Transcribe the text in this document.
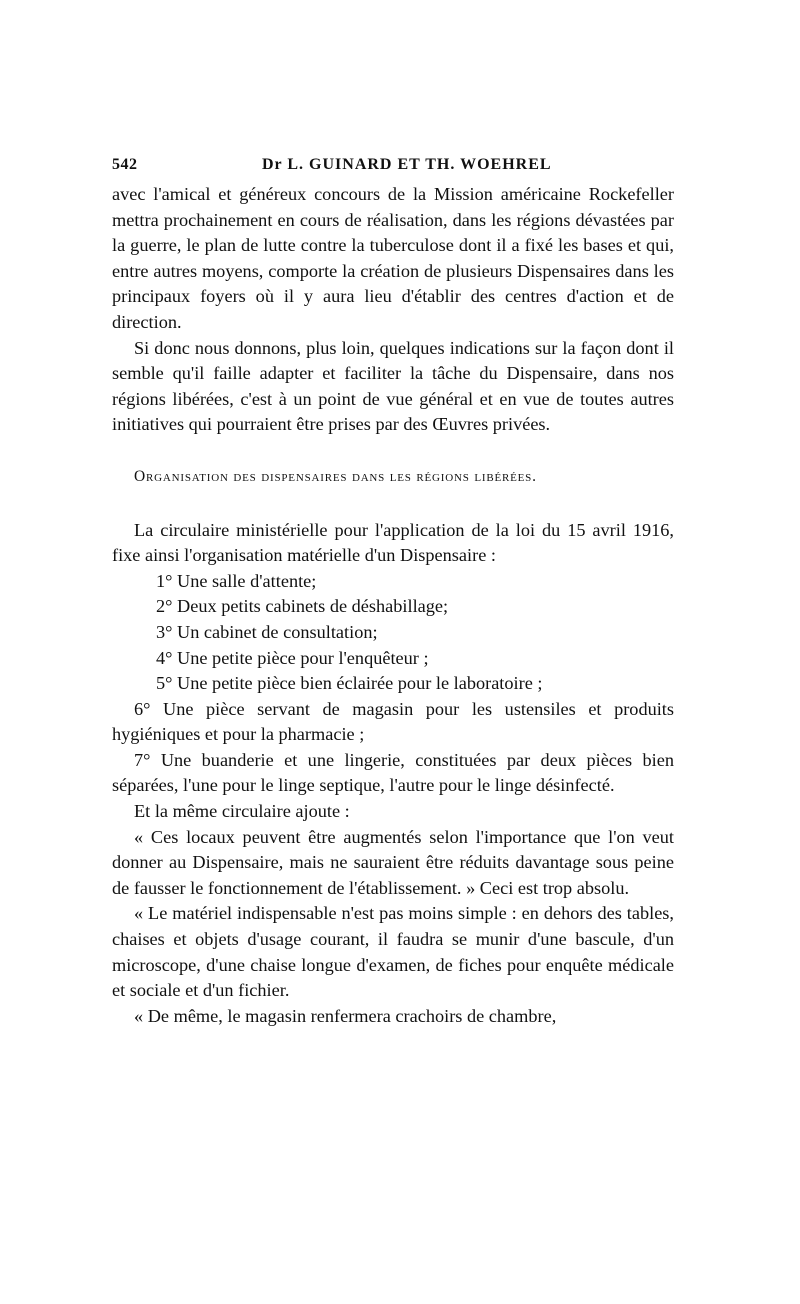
542	Dr L. GUINARD ET TH. WOEHREL

avec l'amical et généreux concours de la Mission américaine Rockefeller mettra prochainement en cours de réalisation, dans les régions dévastées par la guerre, le plan de lutte contre la tuberculose dont il a fixé les bases et qui, entre autres moyens, comporte la création de plusieurs Dispensaires dans les principaux foyers où il y aura lieu d'établir des centres d'action et de direction.

Si donc nous donnons, plus loin, quelques indications sur la façon dont il semble qu'il faille adapter et faciliter la tâche du Dispensaire, dans nos régions libérées, c'est à un point de vue général et en vue de toutes autres initiatives qui pourraient être prises par des Œuvres privées.

Organisation des dispensaires dans les régions libérées.

La circulaire ministérielle pour l'application de la loi du 15 avril 1916, fixe ainsi l'organisation matérielle d'un Dispensaire :

1° Une salle d'attente;

2° Deux petits cabinets de déshabillage;

3° Un cabinet de consultation;

4° Une petite pièce pour l'enquêteur ;

5° Une petite pièce bien éclairée pour le laboratoire ;

6° Une pièce servant de magasin pour les ustensiles et produits hygiéniques et pour la pharmacie ;

7° Une buanderie et une lingerie, constituées par deux pièces bien séparées, l'une pour le linge septique, l'autre pour le linge désinfecté.

Et la même circulaire ajoute :

« Ces locaux peuvent être augmentés selon l'importance que l'on veut donner au Dispensaire, mais ne sauraient être réduits davantage sous peine de fausser le fonctionnement de l'établissement. » Ceci est trop absolu.

« Le matériel indispensable n'est pas moins simple : en dehors des tables, chaises et objets d'usage courant, il faudra se munir d'une bascule, d'un microscope, d'une chaise longue d'examen, de fiches pour enquête médicale et sociale et d'un fichier.

« De même, le magasin renfermera crachoirs de chambre,
